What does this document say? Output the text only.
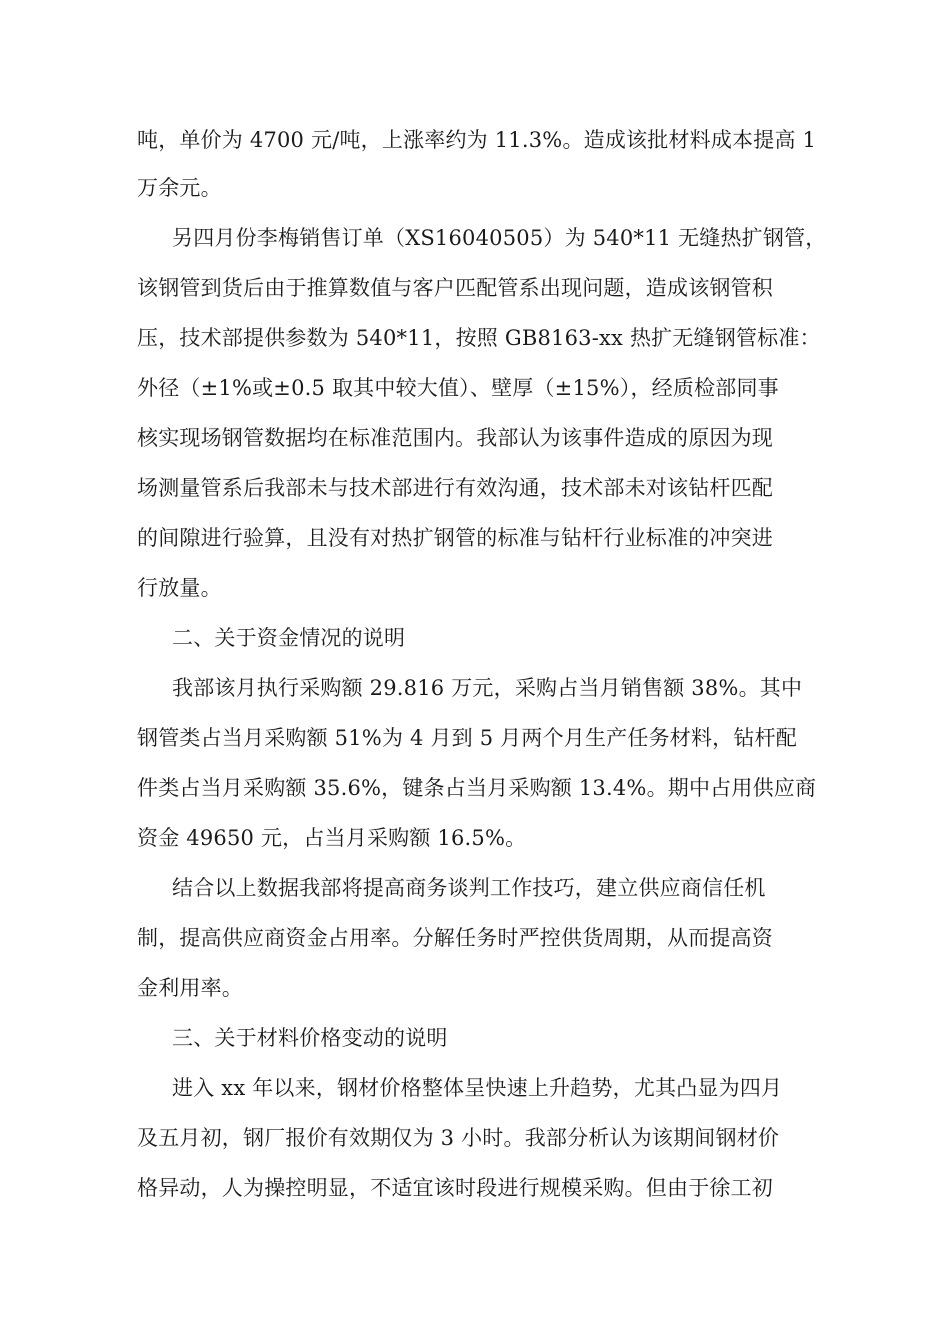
吨，单价为 4700 元/吨，上涨率约为 11.3%。造成该批材料成本提高 1
万余元。
另四月份李梅销售订单（XS16040505）为 540*11 无缝热扩钢管，
该钢管到货后由于推算数值与客户匹配管系出现问题，造成该钢管积
压，技术部提供参数为 540*11，按照 GB8163-xx 热扩无缝钢管标准：
外径（±1%或±0.5 取其中较大值）、壁厚（±15%），经质检部同事
核实现场钢管数据均在标准范围内。我部认为该事件造成的原因为现
场测量管系后我部未与技术部进行有效沟通，技术部未对该钻杆匹配
的间隙进行验算，且没有对热扩钢管的标准与钻杆行业标准的冲突进
行放量。
二、关于资金情况的说明
我部该月执行采购额 29.816 万元，采购占当月销售额 38%。其中
钢管类占当月采购额 51%为 4 月到 5 月两个月生产任务材料，钻杆配
件类占当月采购额 35.6%，键条占当月采购额 13.4%。期中占用供应商
资金 49650 元，占当月采购额 16.5%。
结合以上数据我部将提高商务谈判工作技巧，建立供应商信任机
制，提高供应商资金占用率。分解任务时严控供货周期，从而提高资
金利用率。
三、关于材料价格变动的说明
进入 xx 年以来，钢材价格整体呈快速上升趋势，尤其凸显为四月
及五月初，钢厂报价有效期仅为 3 小时。我部分析认为该期间钢材价
格异动，人为操控明显，不适宜该时段进行规模采购。但由于徐工初
